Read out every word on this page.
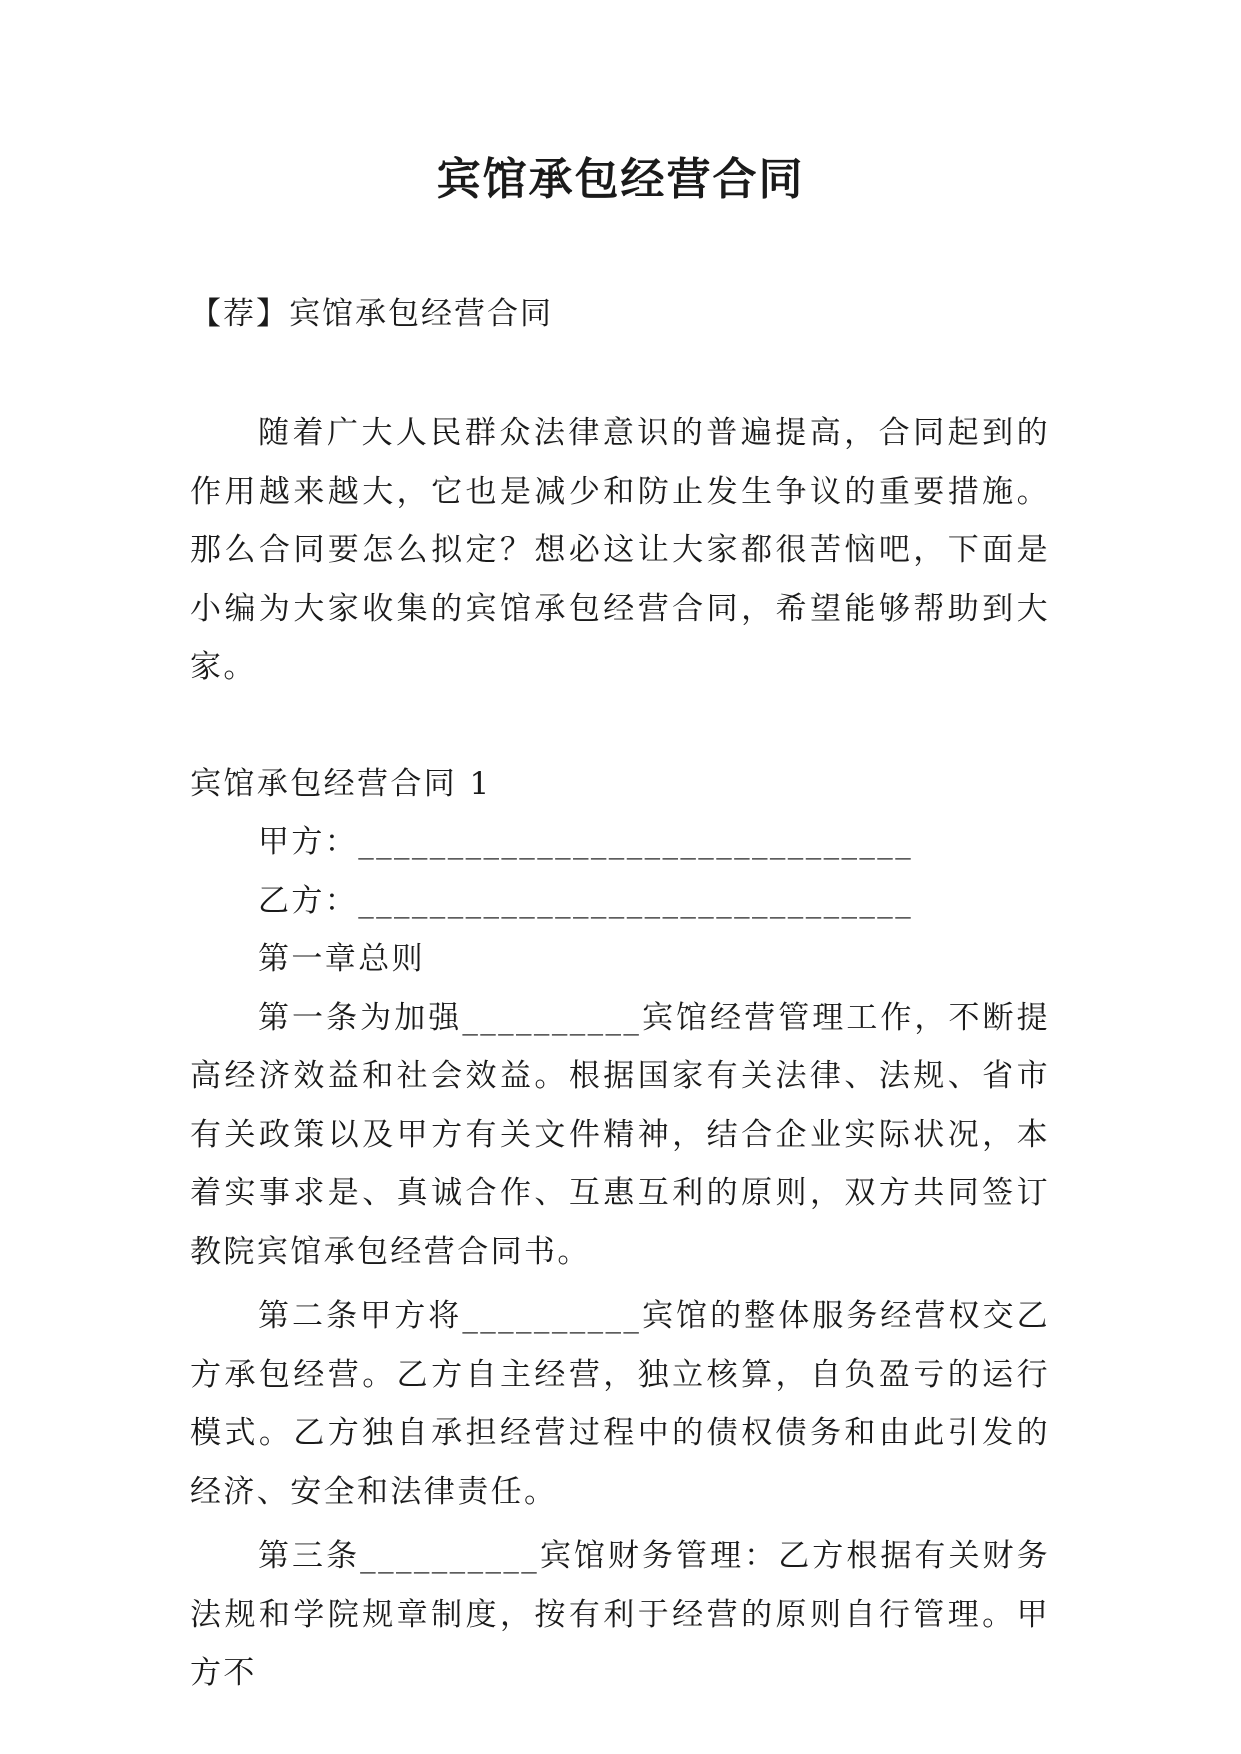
宾馆承包经营合同

【荐】宾馆承包经营合同

随着广大人民群众法律意识的普遍提高，合同起到的作用越来越大，它也是减少和防止发生争议的重要措施。那么合同要怎么拟定？想必这让大家都很苦恼吧，下面是小编为大家收集的宾馆承包经营合同，希望能够帮助到大家。

宾馆承包经营合同 1

甲方：_______________________________

乙方：_______________________________

第一章总则

第一条为加强__________宾馆经营管理工作，不断提高经济效益和社会效益。根据国家有关法律、法规、省市有关政策以及甲方有关文件精神，结合企业实际状况，本着实事求是、真诚合作、互惠互利的原则，双方共同签订教院宾馆承包经营合同书。

第二条甲方将__________宾馆的整体服务经营权交乙方承包经营。乙方自主经营，独立核算，自负盈亏的运行模式。乙方独自承担经营过程中的债权债务和由此引发的经济、安全和法律责任。

第三条__________宾馆财务管理：乙方根据有关财务法规和学院规章制度，按有利于经营的原则自行管理。甲方不
